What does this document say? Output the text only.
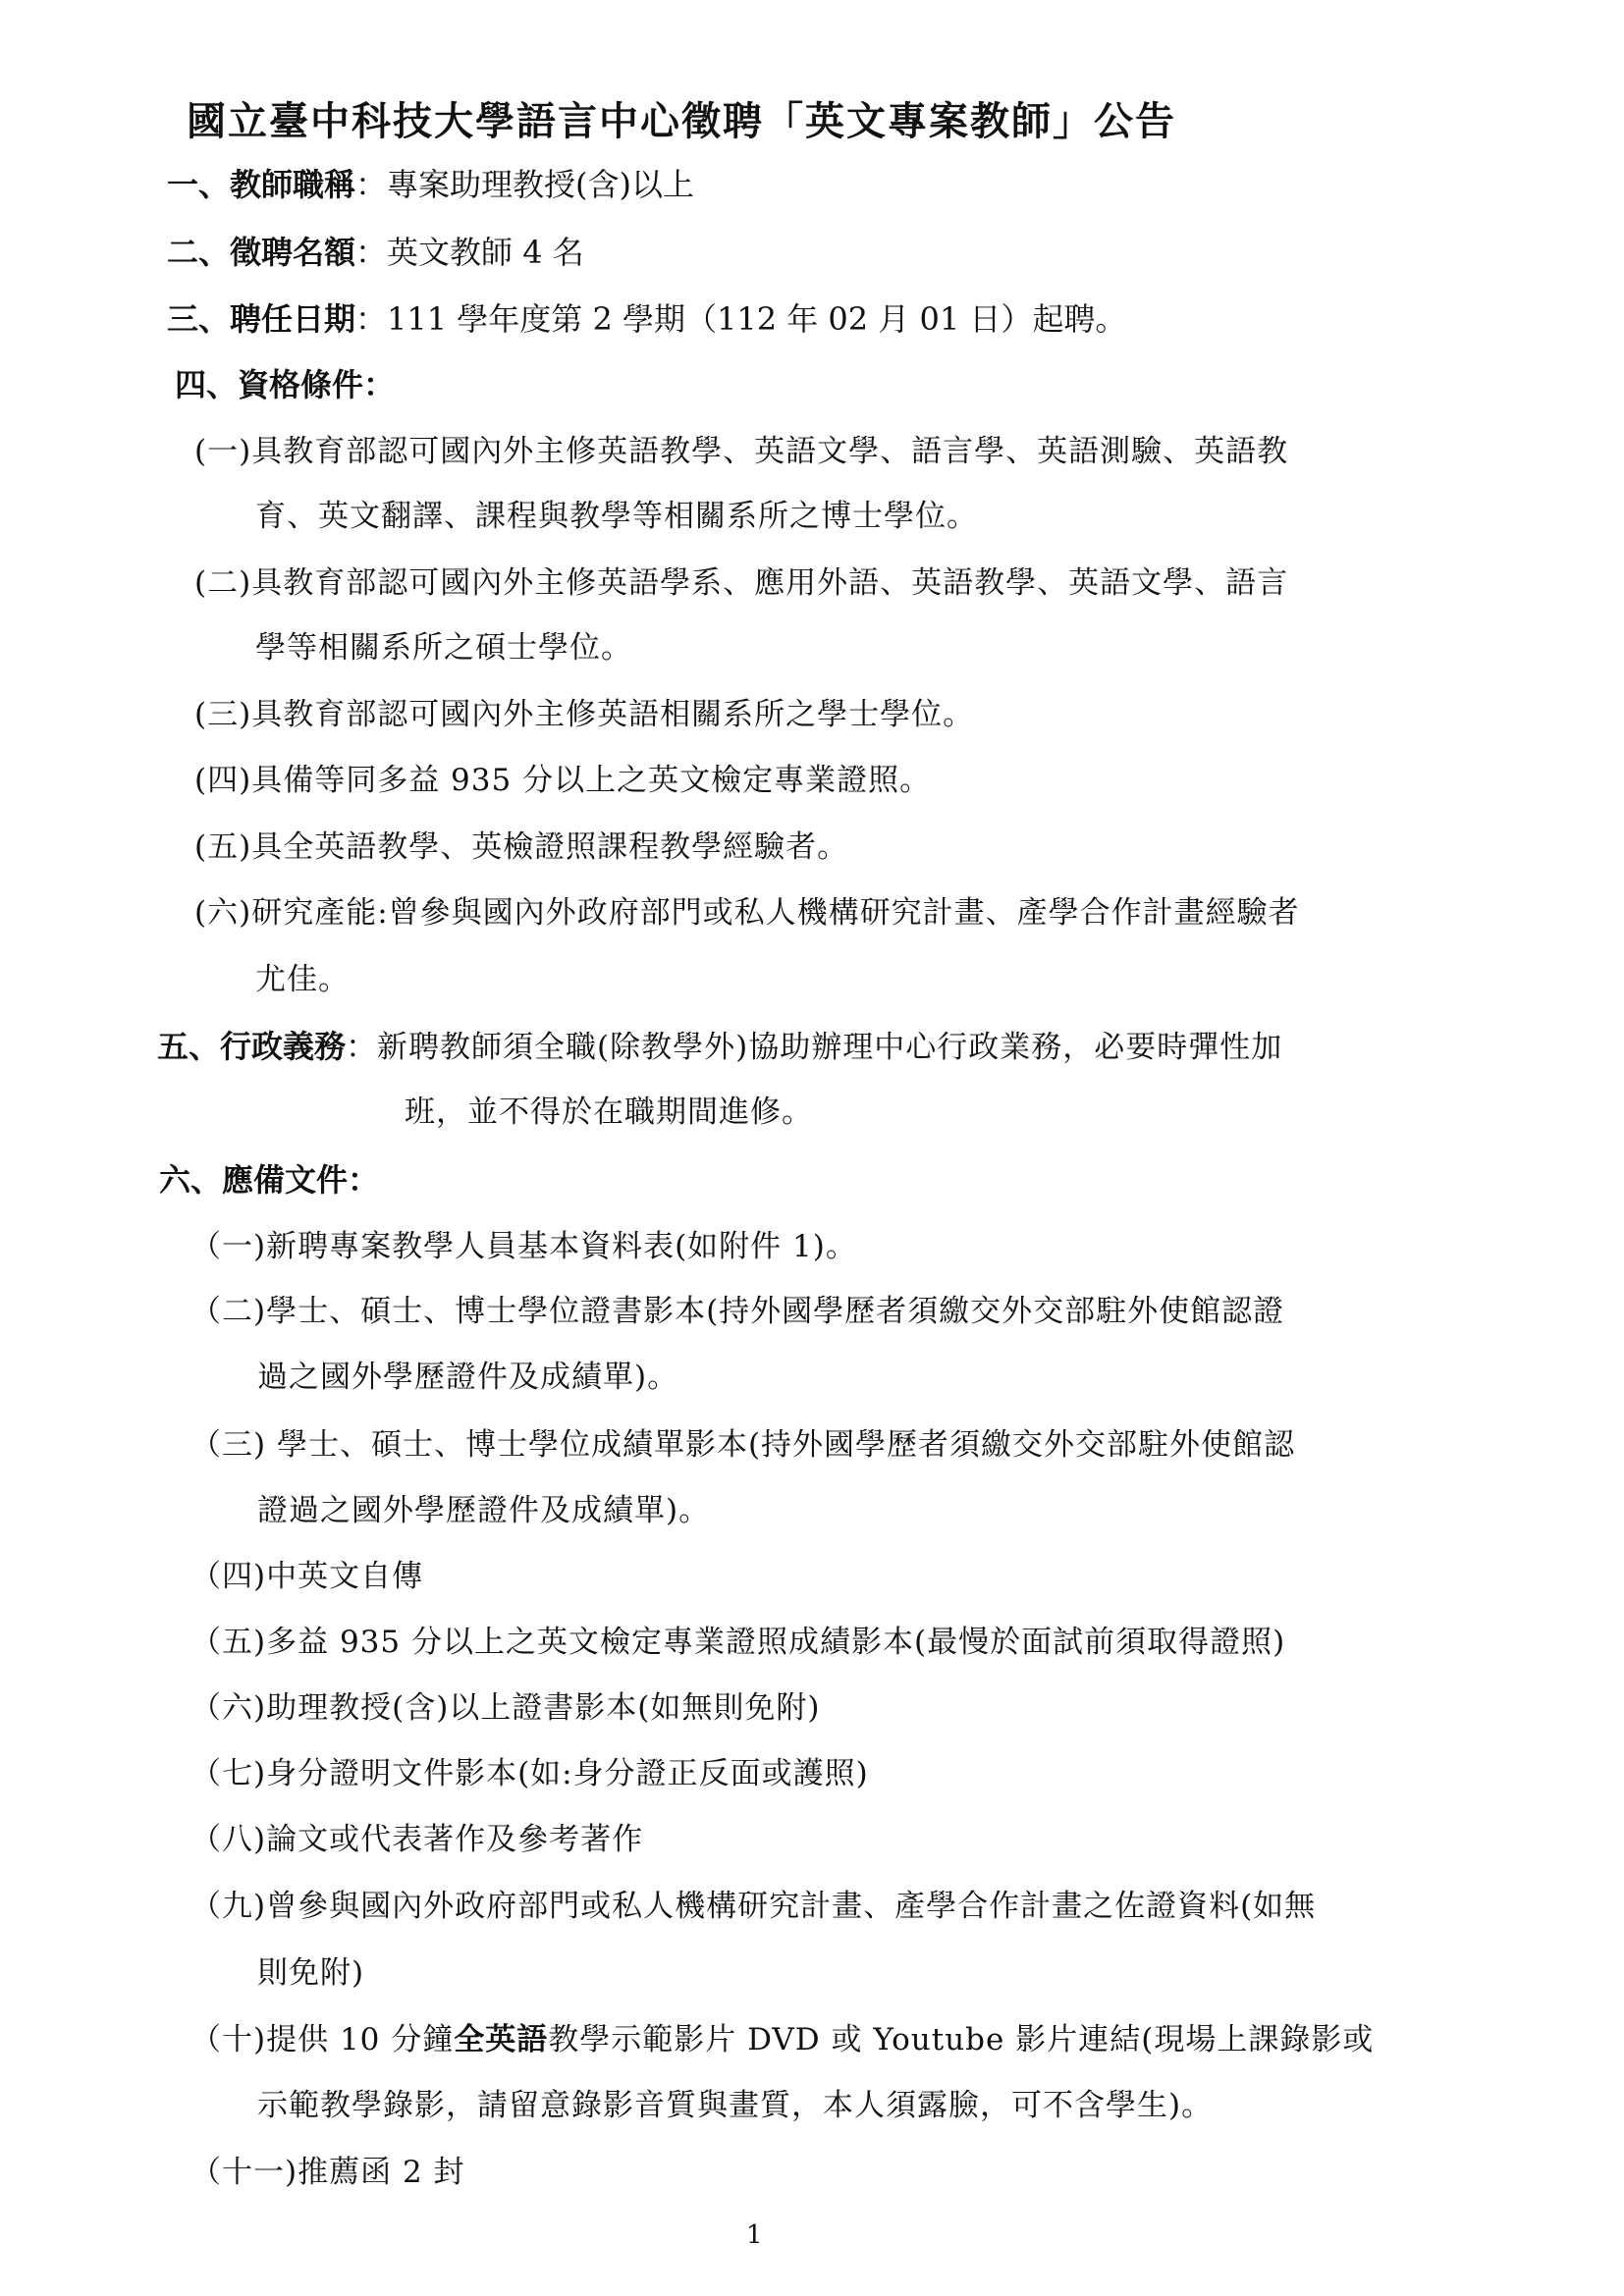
國立臺中科技大學語言中心徵聘「英文專案教師」公告
一、教師職稱：專案助理教授(含)以上
二、徵聘名額：英文教師 4 名
三、聘任日期：111 學年度第 2 學期（112 年 02 月 01 日）起聘。
四、資格條件：
(一)具教育部認可國內外主修英語教學、英語文學、語言學、英語測驗、英語教
育、英文翻譯、課程與教學等相關系所之博士學位。
(二)具教育部認可國內外主修英語學系、應用外語、英語教學、英語文學、語言
學等相關系所之碩士學位。
(三)具教育部認可國內外主修英語相關系所之學士學位。
(四)具備等同多益 935 分以上之英文檢定專業證照。
(五)具全英語教學、英檢證照課程教學經驗者。
(六)研究產能:曾參與國內外政府部門或私人機構研究計畫、產學合作計畫經驗者
尤佳。
五、行政義務：新聘教師須全職(除教學外)協助辦理中心行政業務，必要時彈性加
班，並不得於在職期間進修。
六、應備文件：
（一)新聘專案教學人員基本資料表(如附件 1)。
（二)學士、碩士、博士學位證書影本(持外國學歷者須繳交外交部駐外使館認證
過之國外學歷證件及成績單)。
（三) 學士、碩士、博士學位成績單影本(持外國學歷者須繳交外交部駐外使館認
證過之國外學歷證件及成績單)。
（四)中英文自傳
（五)多益 935 分以上之英文檢定專業證照成績影本(最慢於面試前須取得證照)
（六)助理教授(含)以上證書影本(如無則免附)
（七)身分證明文件影本(如:身分證正反面或護照)
（八)論文或代表著作及參考著作
（九)曾參與國內外政府部門或私人機構研究計畫、產學合作計畫之佐證資料(如無
則免附)
（十)提供 10 分鐘全英語教學示範影片 DVD 或 Youtube 影片連結(現場上課錄影或
示範教學錄影，請留意錄影音質與畫質，本人須露臉，可不含學生)。
（十一)推薦函 2 封
1
